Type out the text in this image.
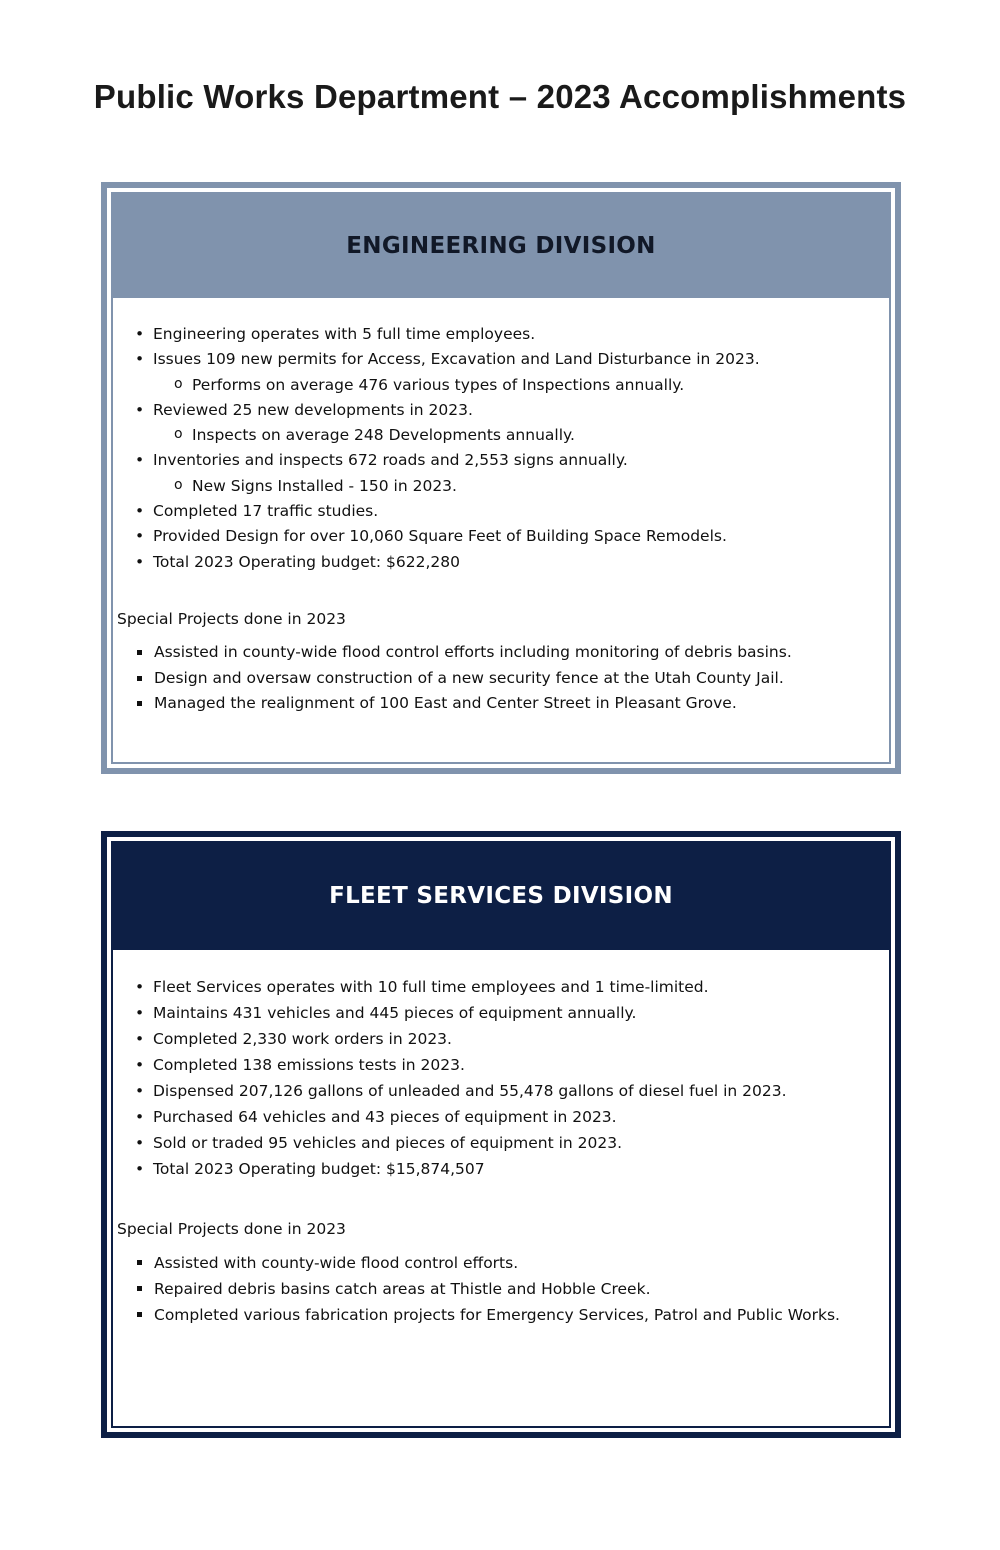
Public Works Department – 2023 Accomplishments
ENGINEERING DIVISION
• Engineering operates with 5 full time employees.
• Issues 109 new permits for Access, Excavation and Land Disturbance in 2023.
o Performs on average 476 various types of Inspections annually.
• Reviewed 25 new developments in 2023.
o Inspects on average 248 Developments annually.
• Inventories and inspects 672 roads and 2,553 signs annually.
o New Signs Installed - 150 in 2023.
• Completed 17 traffic studies.
• Provided Design for over 10,060 Square Feet of Building Space Remodels.
• Total 2023 Operating budget: $622,280
Special Projects done in 2023
Assisted in county-wide flood control efforts including monitoring of debris basins.
Design and oversaw construction of a new security fence at the Utah County Jail.
Managed the realignment of 100 East and Center Street in Pleasant Grove.
FLEET SERVICES DIVISION
• Fleet Services operates with 10 full time employees and 1 time-limited.
• Maintains 431 vehicles and 445 pieces of equipment annually.
• Completed 2,330 work orders in 2023.
• Completed 138 emissions tests in 2023.
• Dispensed 207,126 gallons of unleaded and 55,478 gallons of diesel fuel in 2023.
• Purchased 64 vehicles and 43 pieces of equipment in 2023.
• Sold or traded 95 vehicles and pieces of equipment in 2023.
• Total 2023 Operating budget: $15,874,507
Special Projects done in 2023
Assisted with county-wide flood control efforts.
Repaired debris basins catch areas at Thistle and Hobble Creek.
Completed various fabrication projects for Emergency Services, Patrol and Public Works.
